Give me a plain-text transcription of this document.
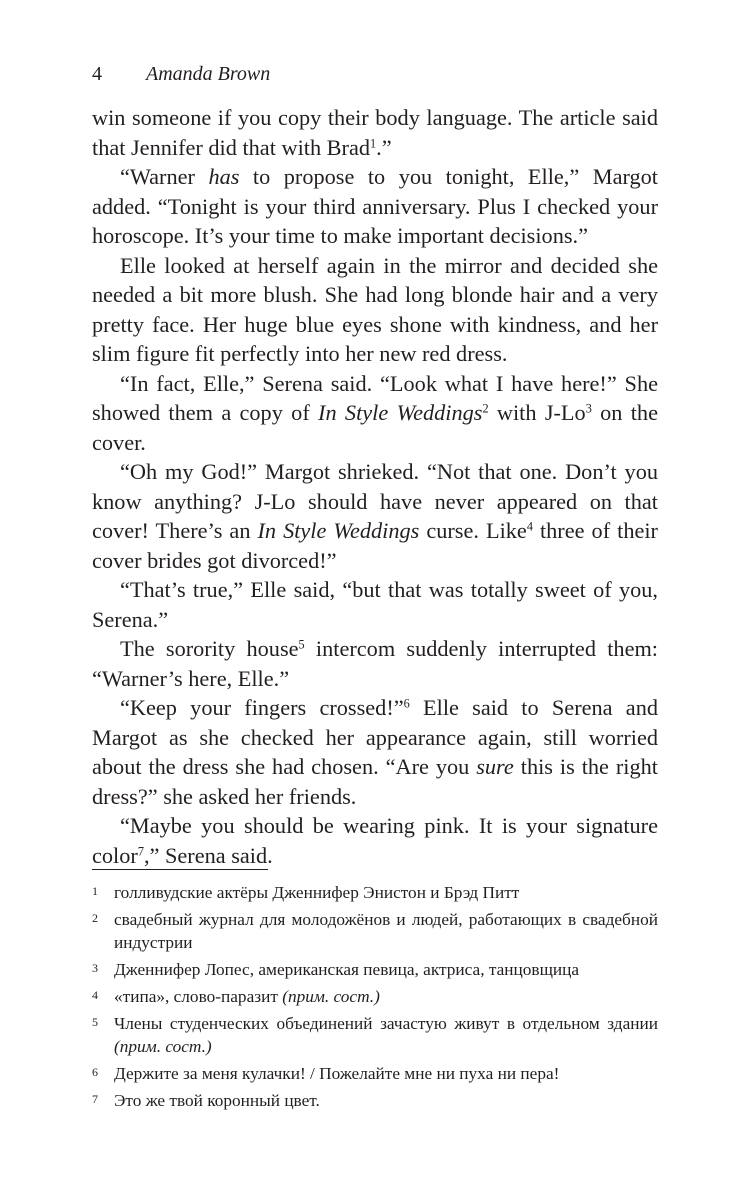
4 Amanda Brown

win someone if you copy their body language. The article said that Jennifer did that with Brad$^1$.”

“Warner has to propose to you tonight, Elle,” Margot added. “Tonight is your third anniversary. Plus I checked your horoscope. It’s your time to make important decisions.”

Elle looked at herself again in the mirror and decided she needed a bit more blush. She had long blonde hair and a very pretty face. Her huge blue eyes shone with kindness, and her slim figure fit perfectly into her new red dress.

“In fact, Elle,” Serena said. “Look what I have here!” She showed them a copy of In Style Weddings$^2$ with J-Lo$^3$ on the cover.

“Oh my God!” Margot shrieked. “Not that one. Don’t you know anything? J-Lo should have never appeared on that cover! There’s an In Style Weddings curse. Like$^4$ three of their cover brides got divorced!”

“That’s true,” Elle said, “but that was totally sweet of you, Serena.”

The sorority house$^5$ intercom suddenly interrupted them: “Warner’s here, Elle.”

“Keep your fingers crossed!”$^6$ Elle said to Serena and Margot as she checked her appearance again, still worried about the dress she had chosen. “Are you sure this is the right dress?” she asked her friends.

“Maybe you should be wearing pink. It is your signature color$^7$,” Serena said.

1 голливудские актёры Дженнифер Энистон и Брэд Питт
2 свадебный журнал для молодожёнов и людей, работающих в свадебной индустрии
3 Дженнифер Лопес, американская певица, актриса, танцовщица
4 «типа», слово-паразит (прим. сост.)
5 Члены студенческих объединений зачастую живут в отдельном здании (прим. сост.)
6 Держите за меня кулачки! / Пожелайте мне ни пуха ни пера!
7 Это же твой коронный цвет.
